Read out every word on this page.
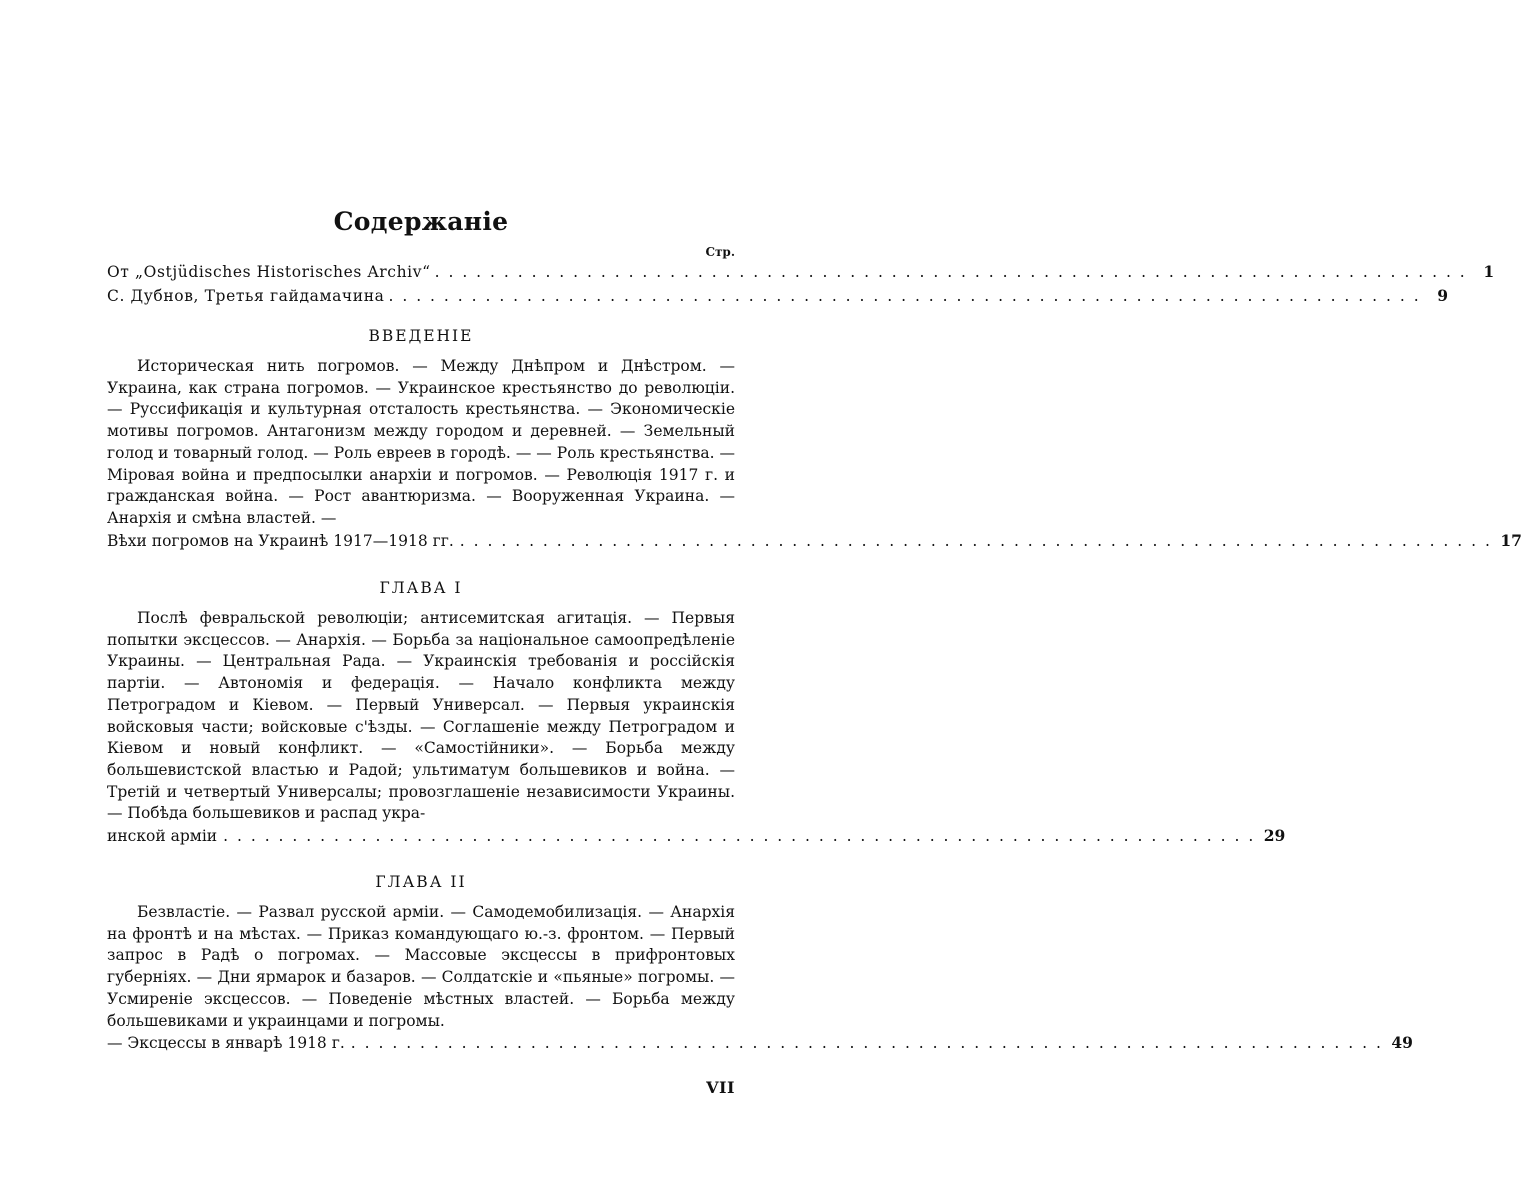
Содержаніе
Стр.
От „Ostjüdisches Historisches Archiv“ . . . . . . . . . . . . . . . . . . . . . . . . . . . . . . . . . . . . . . . . . . . . . . . . . . . . . . . . . . . . . . . . . . . . . . . . . . .	1
С. Дубнов, Третья гайдамачина . . . . . . . . . . . . . . . . . . . . . . . . . . . . . . . . . . . . . . . . . . . . . . . . . . . . . . . . . . . . . . . . . . . . . . . . . . .	9
ВВЕДЕНІЕ

Историческая нить погромов. — Между Днѣпром и Днѣстром. — Украина, как страна погромов. — Украинское крестьянство до революціи. — Руссификація и культурная отсталость крестьянства. — Экономическіе мотивы погромов. Антагонизм между городом и деревней. — Земельный голод и товарный голод. — Роль евреев в городѣ. — — Роль крестьянства. — Міровая война и предпосылки анархіи и погромов. — Революція 1917 г. и гражданская война. — Рост авантюризма. — Вооруженная Украина. — Анархія и смѣна властей. —

Вѣхи погромов на Украинѣ 1917—1918 гг. . . . . . . . . . . . . . . . . . . . . . . . . . . . . . . . . . . . . . . . . . . . . . . . . . . . . . . . . . . . . . . . . . . . . . . . . . . . 17
ГЛАВА I

Послѣ февральской революціи; антисемитская агитація. — Первыя попытки эксцессов. — Анархія. — Борьба за національное самоопредѣленіе Украины. — Центральная Рада. — Украинскія требованія и россійскія партіи. — Автономія и федерація. — Начало конфликта между Петроградом и Кіевом. — Первый Универсал. — Первыя украинскія войсковыя части; войсковые с'ѣзды. — Соглашеніе между Петроградом и Кіевом и новый конфликт. — «Самостійники». — Борьба между большевистской властью и Радой; ультиматум большевиков и война. — Третій и четвертый Универсалы; провозглашеніе независимости Украины. — Побѣда большевиков и распад укра-

инской арміи . . . . . . . . . . . . . . . . . . . . . . . . . . . . . . . . . . . . . . . . . . . . . . . . . . . . . . . . . . . . . . . . . . . . . . . . . . . 29
ГЛАВА II

Безвластіе. — Развал русской арміи. — Самодемобилизація. — Анархія на фронтѣ и на мѣстах. — Приказ командующаго ю.-з. фронтом. — Первый запрос в Радѣ о погромах. — Массовые эксцессы в прифронтовых губерніях. — Дни ярмарок и базаров. — Солдатскіе и «пьяные» погромы. — Усмиреніе эксцессов. — Поведеніе мѣстных властей. — Борьба между большевиками и украинцами и погромы.

— Эксцессы в январѣ 1918 г. . . . . . . . . . . . . . . . . . . . . . . . . . . . . . . . . . . . . . . . . . . . . . . . . . . . . . . . . . . . . . . . . . . . . . . . . . . . 49
VII
